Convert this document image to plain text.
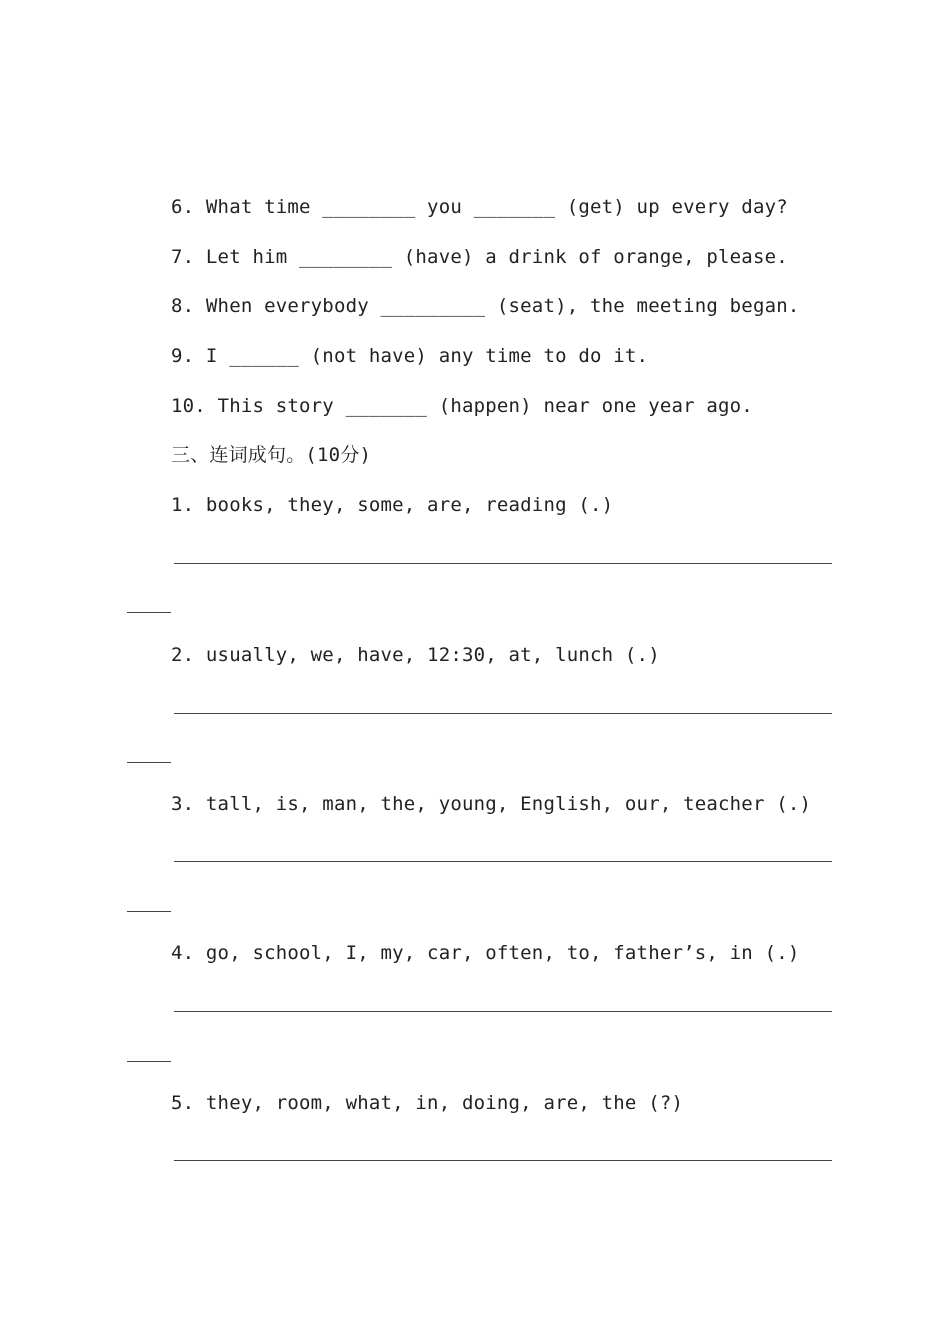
6. What time ________ you _______ (get) up every day?
7. Let him ________ (have) a drink of orange, please.
8. When everybody _________ (seat), the meeting began.
9. I ______ (not have) any time to do it.
10. This story _______ (happen) near one year ago.
三、连词成句。(10分)
1. books, they, some, are, reading (.)
2. usually, we, have, 12:30, at, lunch (.)
3. tall, is, man, the, young, English, our, teacher (.)
4. go, school, I, my, car, often, to, father’s, in (.)
5. they, room, what, in, doing, are, the (?)
